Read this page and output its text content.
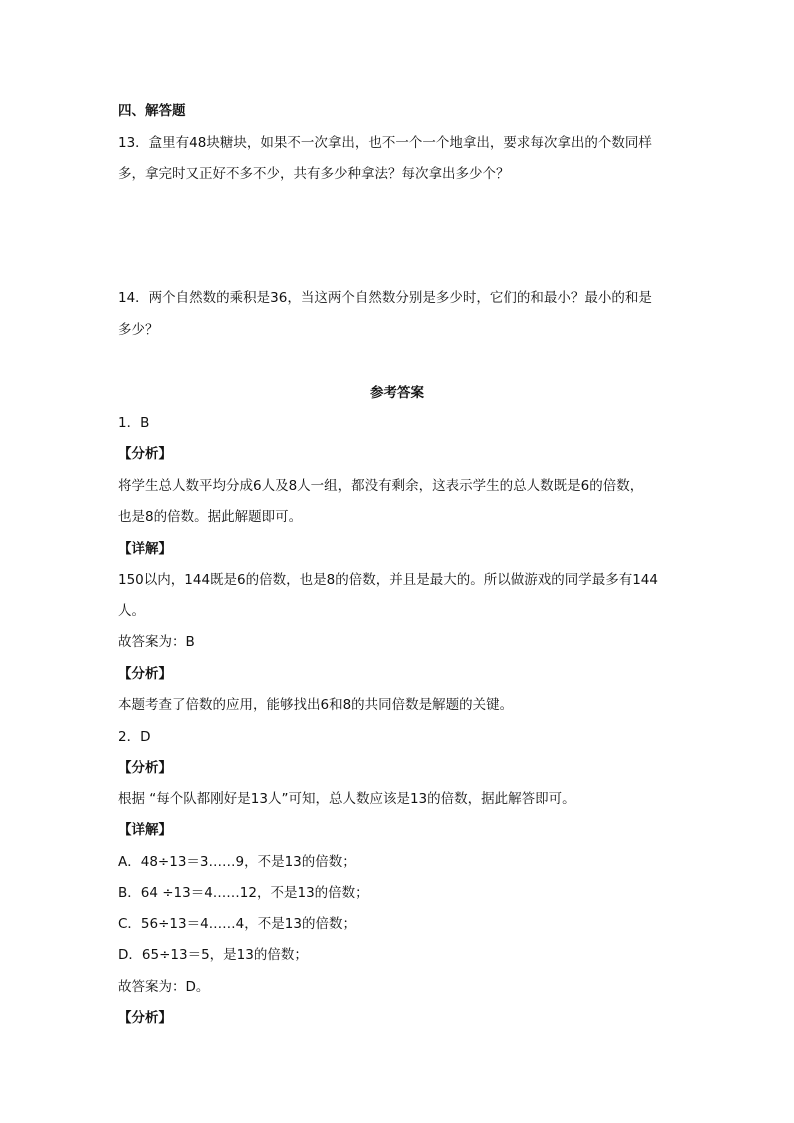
四、解答题
13．盒里有48块糖块，如果不一次拿出，也不一个一个地拿出，要求每次拿出的个数同样
多，拿完时又正好不多不少，共有多少种拿法？每次拿出多少个？
14．两个自然数的乘积是36，当这两个自然数分别是多少时，它们的和最小？最小的和是
多少？
参考答案
1．B
【分析】
将学生总人数平均分成6人及8人一组，都没有剩余，这表示学生的总人数既是6的倍数，
也是8的倍数。据此解题即可。
【详解】
150以内，144既是6的倍数，也是8的倍数，并且是最大的。所以做游戏的同学最多有144
人。
故答案为：B
【分析】
本题考查了倍数的应用，能够找出6和8的共同倍数是解题的关键。
2．D
【分析】
根据 “每个队都刚好是13人”可知，总人数应该是13的倍数，据此解答即可。
【详解】
A．48÷13＝3……9，不是13的倍数；
B．64 ÷13＝4……12，不是13的倍数；
C．56÷13＝4……4，不是13的倍数；
D．65÷13＝5，是13的倍数；
故答案为：D。
【分析】
